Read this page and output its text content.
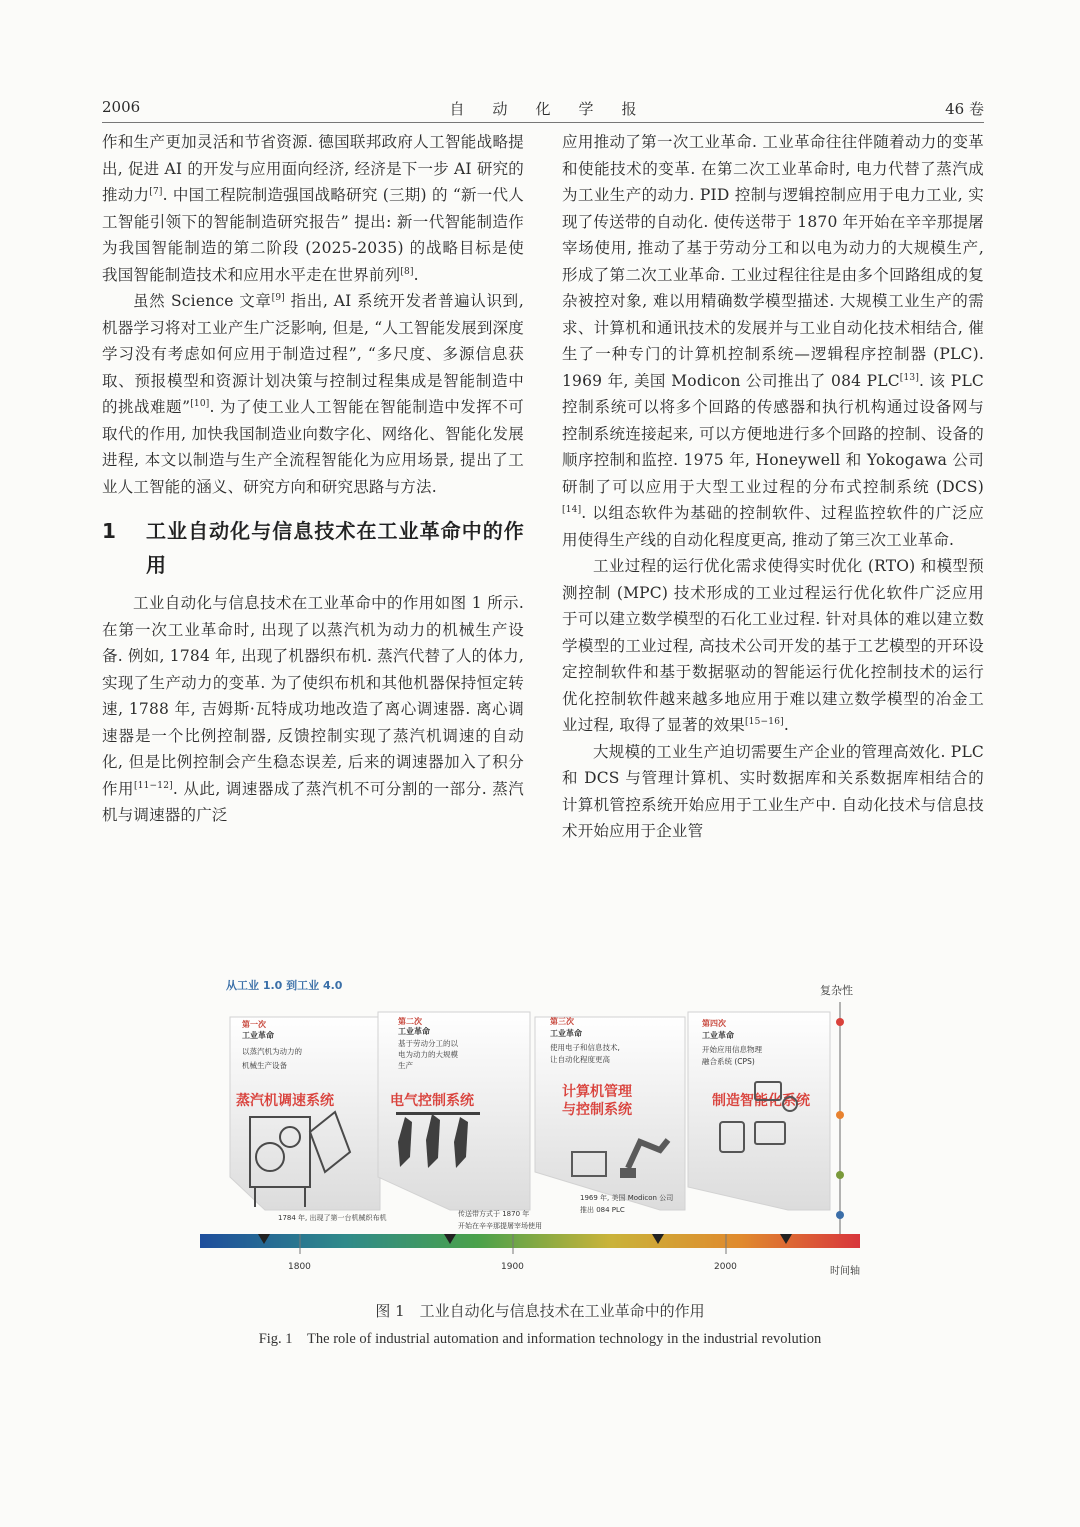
2006	自动化学报	46 卷

作和生产更加灵活和节省资源. 德国联邦政府人工智能战略提出, 促进 AI 的开发与应用面向经济, 经济是下一步 AI 研究的推动力[7]. 中国工程院制造强国战略研究 (三期) 的 “新一代人工智能引领下的智能制造研究报告” 提出: 新一代智能制造作为我国智能制造的第二阶段 (2025-2035) 的战略目标是使我国智能制造技术和应用水平走在世界前列[8].

虽然 Science 文章[9] 指出, AI 系统开发者普遍认识到, 机器学习将对工业产生广泛影响, 但是, “人工智能发展到深度学习没有考虑如何应用于制造过程”, “多尺度、多源信息获取、预报模型和资源计划决策与控制过程集成是智能制造中的挑战难题”[10]. 为了使工业人工智能在智能制造中发挥不可取代的作用, 加快我国制造业向数字化、网络化、智能化发展进程, 本文以制造与生产全流程智能化为应用场景, 提出了工业人工智能的涵义、研究方向和研究思路与方法.

1	工业自动化与信息技术在工业革命中的作用

工业自动化与信息技术在工业革命中的作用如图 1 所示. 在第一次工业革命时, 出现了以蒸汽机为动力的机械生产设备. 例如, 1784 年, 出现了机器织布机. 蒸汽代替了人的体力, 实现了生产动力的变革. 为了使织布机和其他机器保持恒定转速, 1788 年, 吉姆斯·瓦特成功地改造了离心调速器. 离心调速器是一个比例控制器, 反馈控制实现了蒸汽机调速的自动化, 但是比例控制会产生稳态误差, 后来的调速器加入了积分作用[11−12]. 从此, 调速器成了蒸汽机不可分割的一部分. 蒸汽机与调速器的广泛

应用推动了第一次工业革命. 工业革命往往伴随着动力的变革和使能技术的变革. 在第二次工业革命时, 电力代替了蒸汽成为工业生产的动力. PID 控制与逻辑控制应用于电力工业, 实现了传送带的自动化. 使传送带于 1870 年开始在辛辛那提屠宰场使用, 推动了基于劳动分工和以电为动力的大规模生产, 形成了第二次工业革命. 工业过程往往是由多个回路组成的复杂被控对象, 难以用精确数学模型描述. 大规模工业生产的需求、计算机和通讯技术的发展并与工业自动化技术相结合, 催生了一种专门的计算机控制系统—逻辑程序控制器 (PLC). 1969 年, 美国 Modicon 公司推出了 084 PLC[13]. 该 PLC 控制系统可以将多个回路的传感器和执行机构通过设备网与控制系统连接起来, 可以方便地进行多个回路的控制、设备的顺序控制和监控. 1975 年, Honeywell 和 Yokogawa 公司研制了可以应用于大型工业过程的分布式控制系统 (DCS)[14]. 以组态软件为基础的控制软件、过程监控软件的广泛应用使得生产线的自动化程度更高, 推动了第三次工业革命.

工业过程的运行优化需求使得实时优化 (RTO) 和模型预测控制 (MPC) 技术形成的工业过程运行优化软件广泛应用于可以建立数学模型的石化工业过程. 针对具体的难以建立数学模型的工业过程, 高技术公司开发的基于工艺模型的开环设定控制软件和基于数据驱动的智能运行优化控制技术的运行优化控制软件越来越多地应用于难以建立数学模型的冶金工业过程, 取得了显著的效果[15−16].

大规模的工业生产迫切需要生产企业的管理高效化. PLC 和 DCS 与管理计算机、实时数据库和关系数据库相结合的计算机管控系统开始应用于工业生产中. 自动化技术与信息技术开始应用于企业管

从工业 1.0 到工业 4.0	复杂性
第一次
工业革命
以蒸汽机为动力的
机械生产设备
蒸汽机调速系统
第二次
工业革命
基于劳动分工的以
电为动力的大规模
生产
电气控制系统
第三次
工业革命
使用电子和信息技术,
让自动化程度更高
计算机管理
与控制系统
第四次
工业革命
开始应用信息物理
融合系统 (CPS)
制造智能化系统
1784 年, 出现了第一台机械织布机	传送带方式于 1870 年
开始在辛辛那提屠宰场使用
1969 年, 美国 Modicon 公司
推出 084 PLC
1800	1900	2000	时间轴
图 1　工业自动化与信息技术在工业革命中的作用
Fig. 1　The role of industrial automation and information technology in the industrial revolution
